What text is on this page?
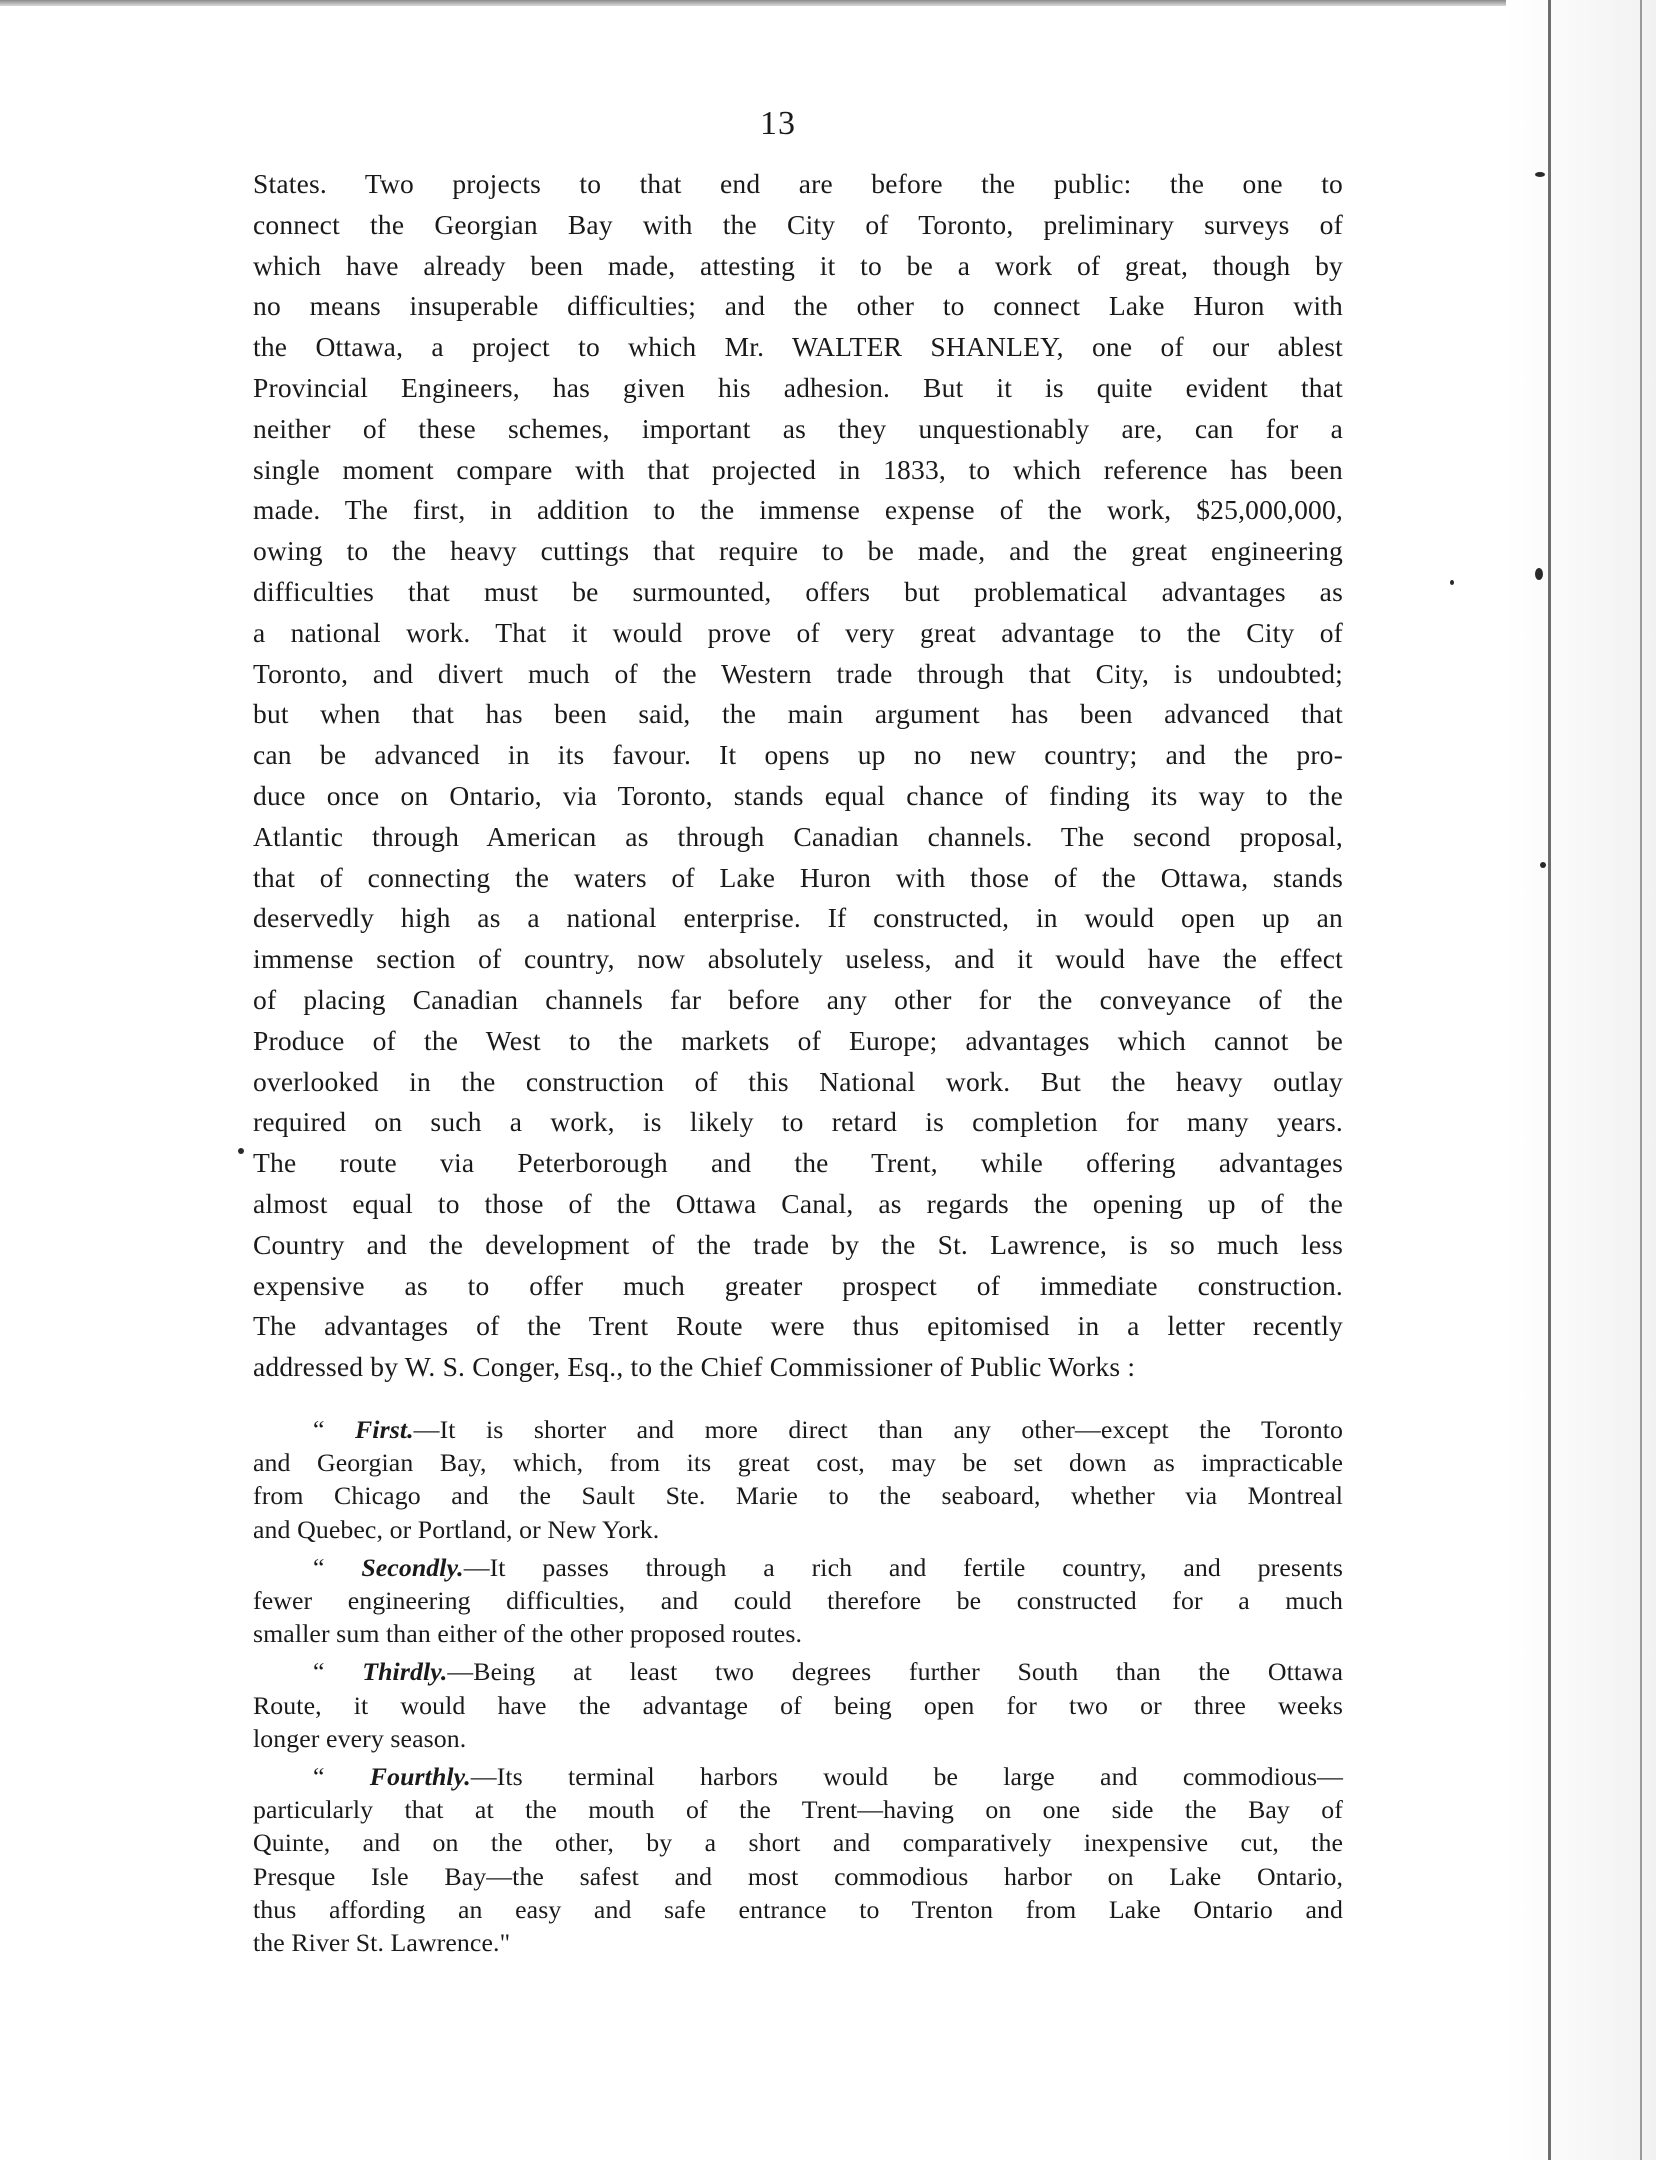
13
States. Two projects to that end are before the public: the one to
connect the Georgian Bay with the City of Toronto, preliminary surveys of
which have already been made, attesting it to be a work of great, though by
no means insuperable difficulties; and the other to connect Lake Huron with
the Ottawa, a project to which Mr. WALTER SHANLEY, one of our ablest
Provincial Engineers, has given his adhesion. But it is quite evident that
neither of these schemes, important as they unquestionably are, can for a
single moment compare with that projected in 1833, to which reference has been
made. The first, in addition to the immense expense of the work, $25,000,000,
owing to the heavy cuttings that require to be made, and the great engineering
difficulties that must be surmounted, offers but problematical advantages as
a national work. That it would prove of very great advantage to the City of
Toronto, and divert much of the Western trade through that City, is undoubted;
but when that has been said, the main argument has been advanced that
can be advanced in its favour. It opens up no new country; and the pro-
duce once on Ontario, via Toronto, stands equal chance of finding its way to the
Atlantic through American as through Canadian channels. The second proposal,
that of connecting the waters of Lake Huron with those of the Ottawa, stands
deservedly high as a national enterprise. If constructed, in would open up an
immense section of country, now absolutely useless, and it would have the effect
of placing Canadian channels far before any other for the conveyance of the
Produce of the West to the markets of Europe; advantages which cannot be
overlooked in the construction of this National work. But the heavy outlay
required on such a work, is likely to retard is completion for many years.
The route via Peterborough and the Trent, while offering advantages
almost equal to those of the Ottawa Canal, as regards the opening up of the
Country and the development of the trade by the St. Lawrence, is so much less
expensive as to offer much greater prospect of immediate construction.
The advantages of the Trent Route were thus epitomised in a letter recently
addressed by W. S. Conger, Esq., to the Chief Commissioner of Public Works :
“ First.—It is shorter and more direct than any other—except the Toronto
and Georgian Bay, which, from its great cost, may be set down as impracticable
from Chicago and the Sault Ste. Marie to the seaboard, whether via Montreal
and Quebec, or Portland, or New York.
“ Secondly.—It passes through a rich and fertile country, and presents
fewer engineering difficulties, and could therefore be constructed for a much
smaller sum than either of the other proposed routes.
“ Thirdly.—Being at least two degrees further South than the Ottawa
Route, it would have the advantage of being open for two or three weeks
longer every season.
“ Fourthly.—Its terminal harbors would be large and commodious—
particularly that at the mouth of the Trent—having on one side the Bay of
Quinte, and on the other, by a short and comparatively inexpensive cut, the
Presque Isle Bay—the safest and most commodious harbor on Lake Ontario,
thus affording an easy and safe entrance to Trenton from Lake Ontario and
the River St. Lawrence."
